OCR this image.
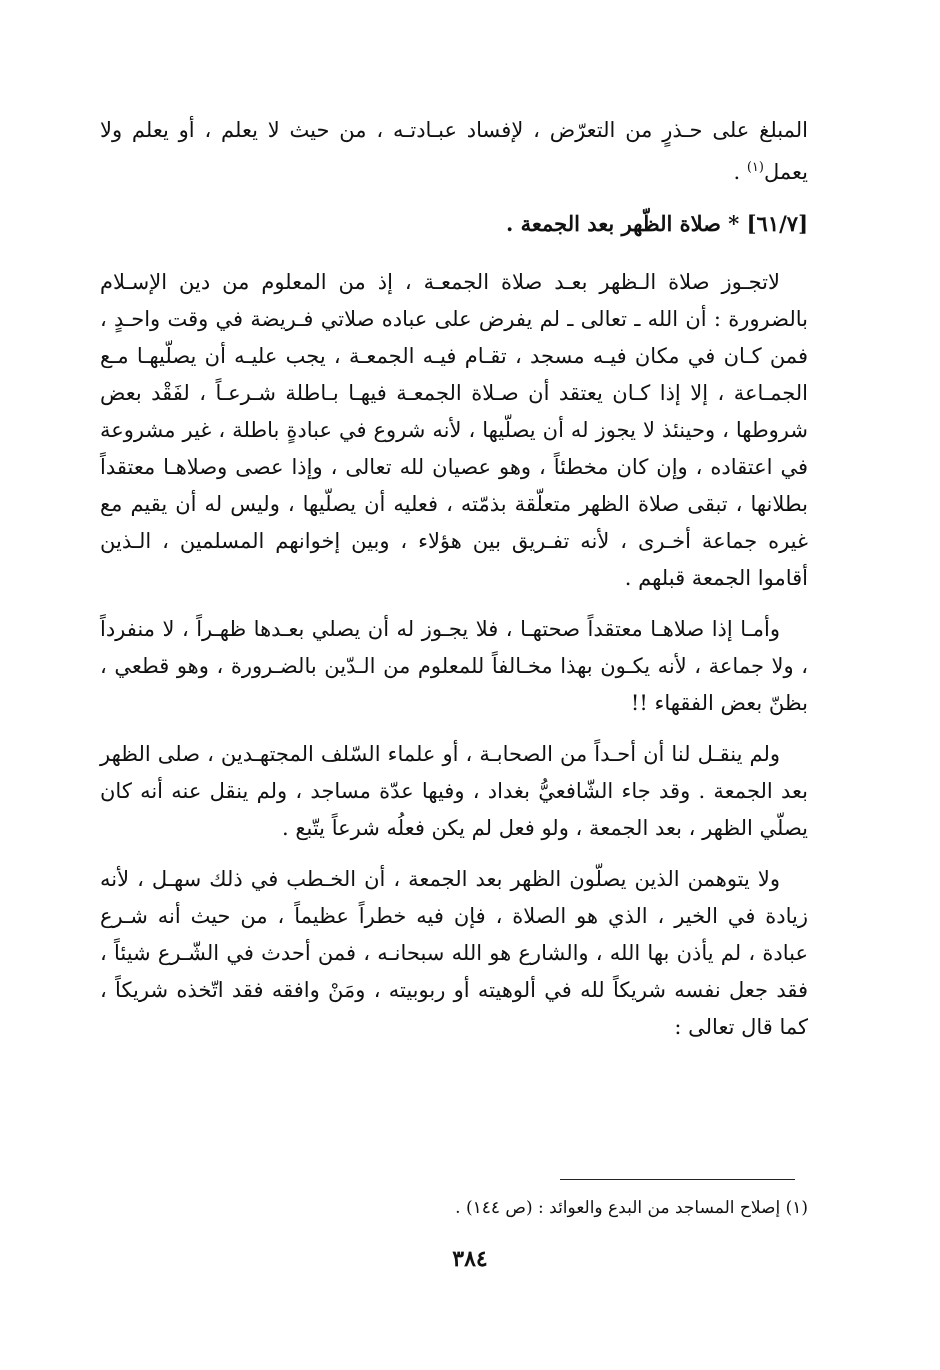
المبلغ على حـذرٍ من التعرّض ، لإفساد عبـادتـه ، من حيث لا يعلم ، أو يعلم ولا يعمل$^{(١)}$ .

[٦١/٧] * صلاة الظّهر بعد الجمعة .

لاتجـوز صلاة الـظهر بعـد صلاة الجمعـة ، إذ من المعلوم من دين الإسـلام بالضرورة : أن الله ـ تعالى ـ لم يفرض على عباده صلاتي فـريضة في وقت واحـدٍ ، فمن كـان في مكان فيـه مسجد ، تقـام فيـه الجمعـة ، يجب عليـه أن يصلّيهـا مـع الجمـاعة ، إلا إذا كـان يعتقد أن صـلاة الجمعـة فيهـا بـاطلة شـرعـاً ، لفَقْد بعض شروطها ، وحينئذ لا يجوز له أن يصلّيها ، لأنه شروع في عبادةٍ باطلة ، غير مشروعة في اعتقاده ، وإن كان مخطئاً ، وهو عصيان لله تعالى ، وإذا عصى وصلاهـا معتقداً بطلانها ، تبقى صلاة الظهر متعلّقة بذمّته ، فعليه أن يصلّيها ، وليس له أن يقيم مع غيره جماعة أخـرى ، لأنه تفـريق بين هؤلاء ، وبين إخوانهم المسلمين ، الـذين أقاموا الجمعة قبلهم .

وأمـا إذا صلاهـا معتقداً صحتهـا ، فلا يجـوز له أن يصلي بعـدها ظهـراً ، لا منفرداً ، ولا جماعة ، لأنه يكـون بهذا مخـالفاً للمعلوم من الـدّين بالضـرورة ، وهو قطعي ، بظنّ بعض الفقهاء !!

ولم ينقـل لنا أن أحـداً من الصحابـة ، أو علماء السّلف المجتهـدين ، صلى الظهر بعد الجمعة . وقد جاء الشّافعيُّ بغداد ، وفيها عدّة مساجد ، ولم ينقل عنه أنه كان يصلّي الظهر ، بعد الجمعة ، ولو فعل لم يكن فعلُه شرعاً يتّبع .

ولا يتوهمن الذين يصلّون الظهر بعد الجمعة ، أن الخـطب في ذلك سهـل ، لأنه زيادة في الخير ، الذي هو الصلاة ، فإن فيه خطراً عظيماً ، من حيث أنه شـرع عبادة ، لم يأذن بها الله ، والشارع هو الله سبحانـه ، فمن أحدث في الشّـرع شيئاً ، فقد جعل نفسه شريكاً لله في ألوهيته أو ربوبيته ، ومَنْ وافقه فقد اتّخذه شريكاً ، كما قال تعالى :

(١) إصلاح المساجد من البدع والعوائد : (ص ١٤٤) .
٣٨٤
